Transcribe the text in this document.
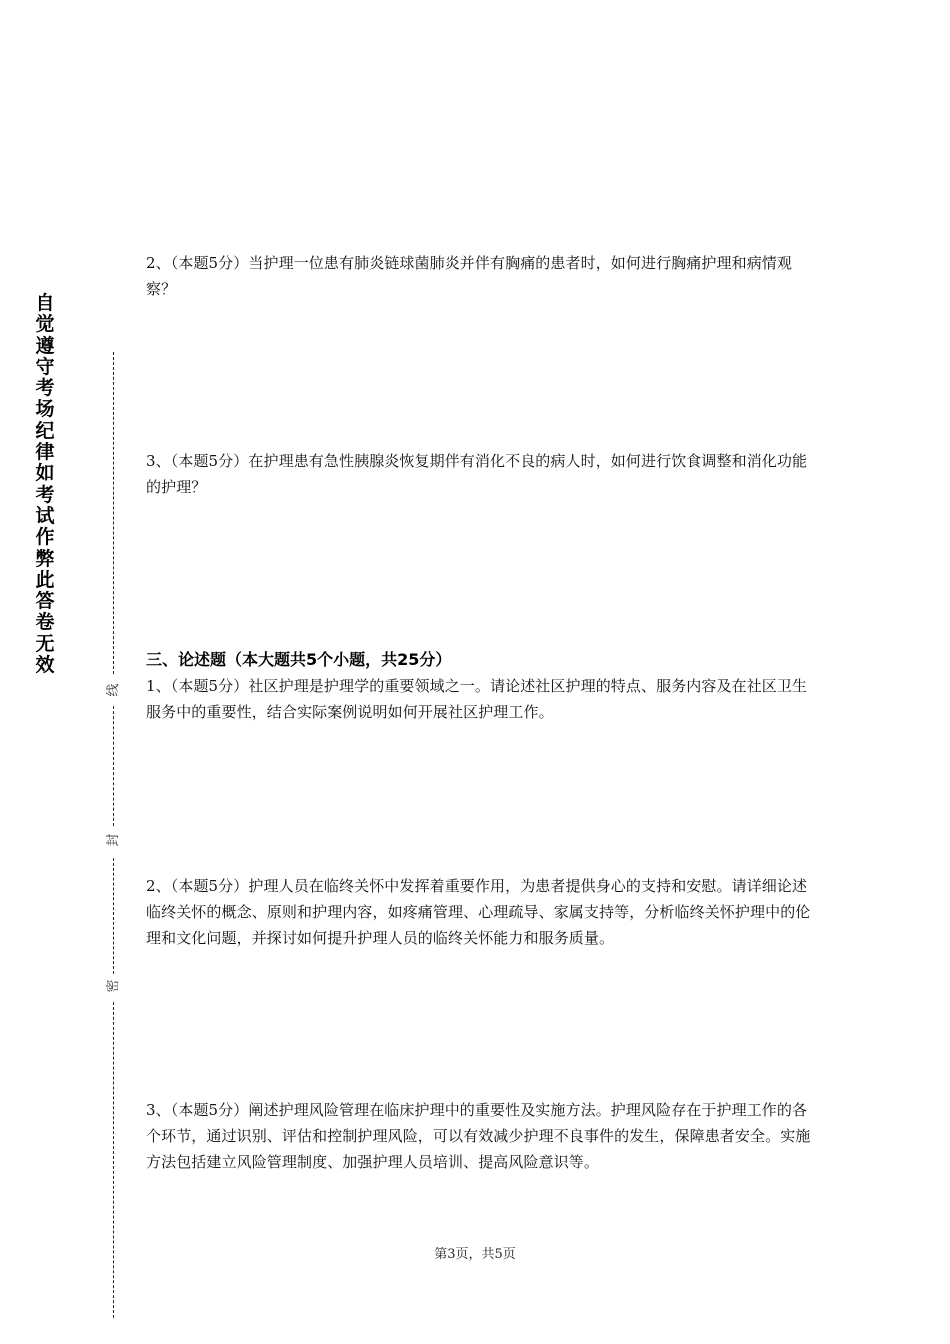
自觉遵守考场纪律如考试作弊此答卷无效
线
封
密

2、（本题5分）当护理一位患有肺炎链球菌肺炎并伴有胸痛的患者时，如何进行胸痛护理和病情观察？

3、（本题5分）在护理患有急性胰腺炎恢复期伴有消化不良的病人时，如何进行饮食调整和消化功能的护理？

三、论述题（本大题共5个小题，共25分）

1、（本题5分）社区护理是护理学的重要领域之一。请论述社区护理的特点、服务内容及在社区卫生服务中的重要性，结合实际案例说明如何开展社区护理工作。

2、（本题5分）护理人员在临终关怀中发挥着重要作用，为患者提供身心的支持和安慰。请详细论述临终关怀的概念、原则和护理内容，如疼痛管理、心理疏导、家属支持等，分析临终关怀护理中的伦理和文化问题，并探讨如何提升护理人员的临终关怀能力和服务质量。

3、（本题5分）阐述护理风险管理在临床护理中的重要性及实施方法。护理风险存在于护理工作的各个环节，通过识别、评估和控制护理风险，可以有效减少护理不良事件的发生，保障患者安全。实施方法包括建立风险管理制度、加强护理人员培训、提高风险意识等。

第3页，共5页
